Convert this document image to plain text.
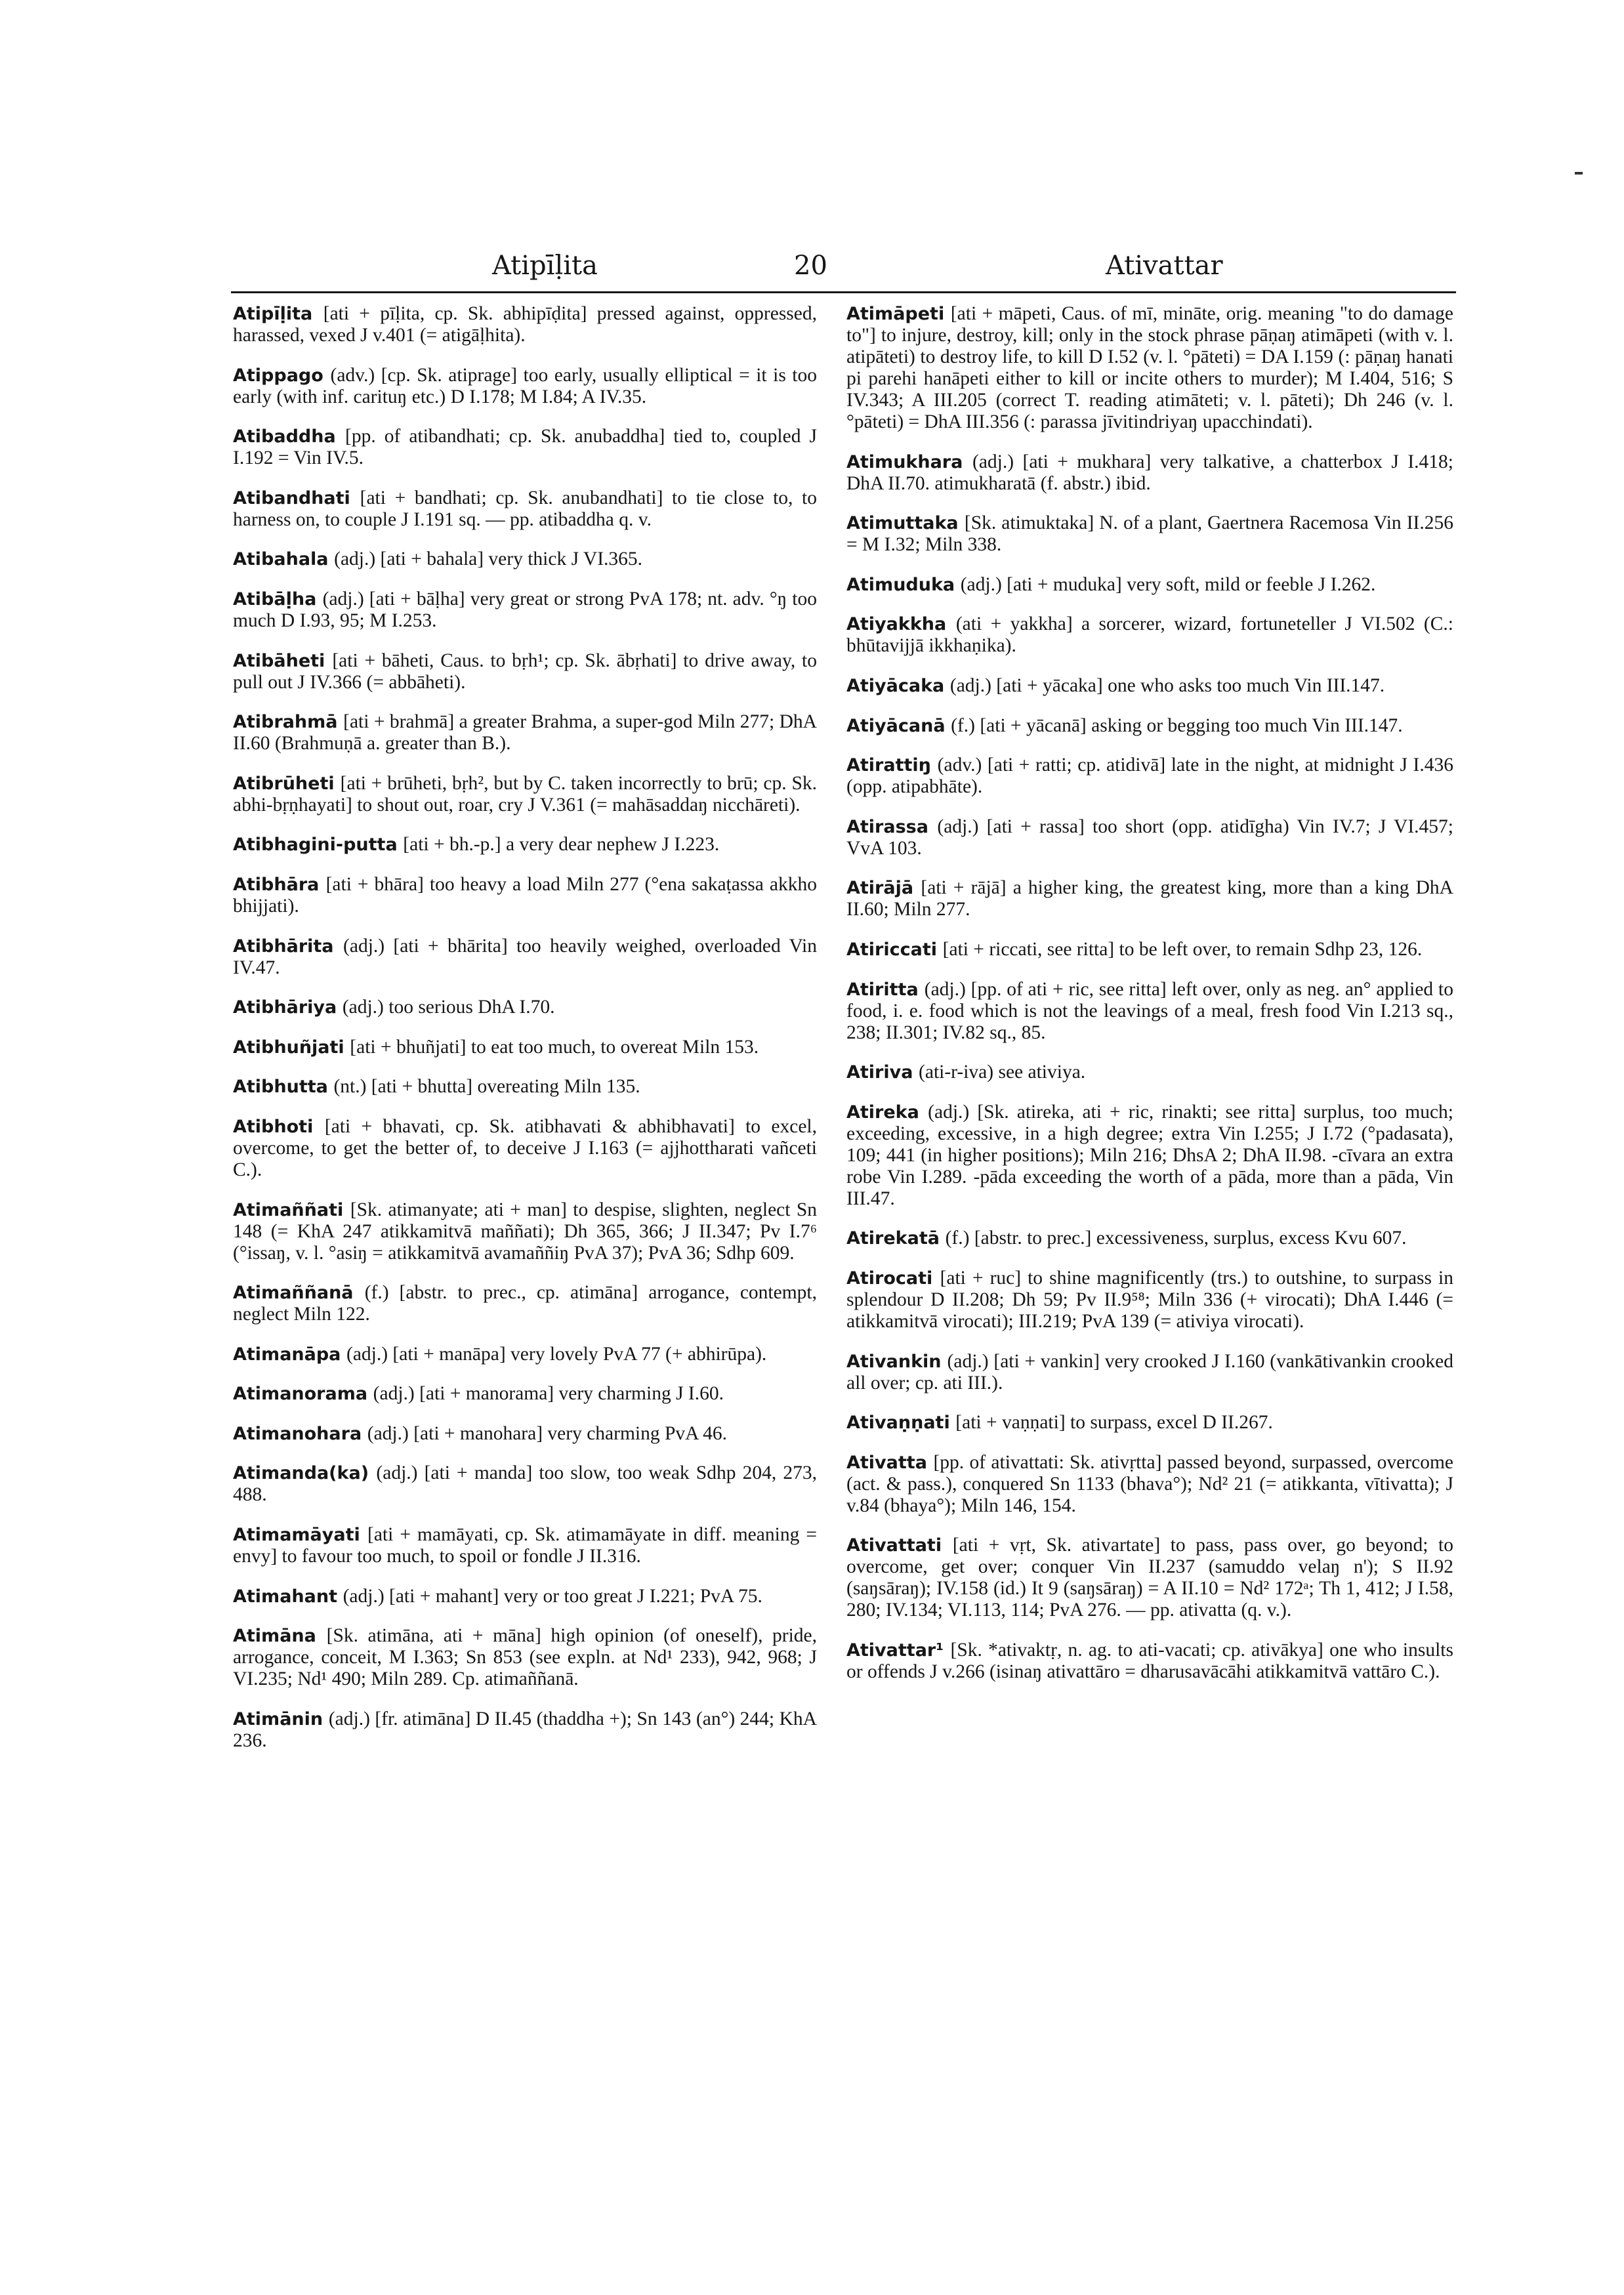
Atipīḷita	20	Ativattar
Atipīḷita [ati + pīḷita, cp. Sk. abhipīḍita] pressed against, oppressed, harassed, vexed J v.401 (= atigāḷhita).
Atippago (adv.) [cp. Sk. atiprage] too early, usually elliptical = it is too early (with inf. carituŋ etc.) D I.178; M I.84; A IV.35.
Atibaddha [pp. of atibandhati; cp. Sk. anubaddha] tied to, coupled J I.192 = Vin IV.5.
Atibandhati [ati + bandhati; cp. Sk. anubandhati] to tie close to, to harness on, to couple J I.191 sq. — pp. atibaddha q. v.
Atibahala (adj.) [ati + bahala] very thick J VI.365.
Atibāḷha (adj.) [ati + bāḷha] very great or strong PvA 178; nt. adv. °ŋ too much D I.93, 95; M I.253.
Atibāheti [ati + bāheti, Caus. to bṛh¹; cp. Sk. ābṛhati] to drive away, to pull out J IV.366 (= abbāheti).
Atibrahmā [ati + brahmā] a greater Brahma, a super-god Miln 277; DhA II.60 (Brahmuṇā a. greater than B.).
Atibrūheti [ati + brūheti, bṛh², but by C. taken incorrectly to brū; cp. Sk. abhi-bṛṇhayati] to shout out, roar, cry J V.361 (= mahāsaddaŋ nicchāreti).
Atibhagini-putta [ati + bh.-p.] a very dear nephew J I.223.
Atibhāra [ati + bhāra] too heavy a load Miln 277 (°ena sakaṭassa akkho bhijjati).
Atibhārita (adj.) [ati + bhārita] too heavily weighed, overloaded Vin IV.47.
Atibhāriya (adj.) too serious DhA I.70.
Atibhuñjati [ati + bhuñjati] to eat too much, to overeat Miln 153.
Atibhutta (nt.) [ati + bhutta] overeating Miln 135.
Atibhoti [ati + bhavati, cp. Sk. atibhavati & abhibhavati] to excel, overcome, to get the better of, to deceive J I.163 (= ajjhottharati vañceti C.).
Atimaññati [Sk. atimanyate; ati + man] to despise, slighten, neglect Sn 148 (= KhA 247 atikkamitvā maññati); Dh 365, 366; J II.347; Pv I.7⁶ (°issaŋ, v. l. °asiŋ = atikkamitvā avamaññiŋ PvA 37); PvA 36; Sdhp 609.
Atimaññanā (f.) [abstr. to prec., cp. atimāna] arrogance, contempt, neglect Miln 122.
Atimanāpa (adj.) [ati + manāpa] very lovely PvA 77 (+ abhirūpa).
Atimanorama (adj.) [ati + manorama] very charming J I.60.
Atimanohara (adj.) [ati + manohara] very charming PvA 46.
Atimanda(ka) (adj.) [ati + manda] too slow, too weak Sdhp 204, 273, 488.
Atimamāyati [ati + mamāyati, cp. Sk. atimamāyate in diff. meaning = envy] to favour too much, to spoil or fondle J II.316.
Atimahant (adj.) [ati + mahant] very or too great J I.221; PvA 75.
Atimāna [Sk. atimāna, ati + māna] high opinion (of oneself), pride, arrogance, conceit, M I.363; Sn 853 (see expln. at Nd¹ 233), 942, 968; J VI.235; Nd¹ 490; Miln 289. Cp. atimaññanā.
Atimānin (adj.) [fr. atimāna] D II.45 (thaddha +); Sn 143 (an°) 244; KhA 236.
Atimāpeti [ati + māpeti, Caus. of mī, mināte, orig. meaning "to do damage to"] to injure, destroy, kill; only in the stock phrase pāṇaŋ atimāpeti (with v. l. atipāteti) to destroy life, to kill D I.52 (v. l. °pāteti) = DA I.159 (: pāṇaŋ hanati pi parehi hanāpeti either to kill or incite others to murder); M I.404, 516; S IV.343; A III.205 (correct T. reading atimāteti; v. l. pāteti); Dh 246 (v. l. °pāteti) = DhA III.356 (: parassa jīvitindriyaŋ upacchindati).
Atimukhara (adj.) [ati + mukhara] very talkative, a chatterbox J I.418; DhA II.70. atimukharatā (f. abstr.) ibid.
Atimuttaka [Sk. atimuktaka] N. of a plant, Gaertnera Racemosa Vin II.256 = M I.32; Miln 338.
Atimuduka (adj.) [ati + muduka] very soft, mild or feeble J I.262.
Atiyakkha (ati + yakkha] a sorcerer, wizard, fortuneteller J VI.502 (C.: bhūtavijjā ikkhaṇika).
Atiyācaka (adj.) [ati + yācaka] one who asks too much Vin III.147.
Atiyācanā (f.) [ati + yācanā] asking or begging too much Vin III.147.
Atirattiŋ (adv.) [ati + ratti; cp. atidivā] late in the night, at midnight J I.436 (opp. atipabhāte).
Atirassa (adj.) [ati + rassa] too short (opp. atidīgha) Vin IV.7; J VI.457; VvA 103.
Atirājā [ati + rājā] a higher king, the greatest king, more than a king DhA II.60; Miln 277.
Atiriccati [ati + riccati, see ritta] to be left over, to remain Sdhp 23, 126.
Atiritta (adj.) [pp. of ati + ric, see ritta] left over, only as neg. an° applied to food, i. e. food which is not the leavings of a meal, fresh food Vin I.213 sq., 238; II.301; IV.82 sq., 85.
Atiriva (ati-r-iva) see ativiya.
Atireka (adj.) [Sk. atireka, ati + ric, rinakti; see ritta] surplus, too much; exceeding, excessive, in a high degree; extra Vin I.255; J I.72 (°padasata), 109; 441 (in higher positions); Miln 216; DhsA 2; DhA II.98. -cīvara an extra robe Vin I.289. -pāda exceeding the worth of a pāda, more than a pāda, Vin III.47.
Atirekatā (f.) [abstr. to prec.] excessiveness, surplus, excess Kvu 607.
Atirocati [ati + ruc] to shine magnificently (trs.) to outshine, to surpass in splendour D II.208; Dh 59; Pv II.9⁵⁸; Miln 336 (+ virocati); DhA I.446 (= atikkamitvā virocati); III.219; PvA 139 (= ativiya virocati).
Ativankin (adj.) [ati + vankin] very crooked J I.160 (vankātivankin crooked all over; cp. ati III.).
Ativaṇṇati [ati + vaṇṇati] to surpass, excel D II.267.
Ativatta [pp. of ativattati: Sk. ativṛtta] passed beyond, surpassed, overcome (act. & pass.), conquered Sn 1133 (bhava°); Nd² 21 (= atikkanta, vītivatta); J v.84 (bhaya°); Miln 146, 154.
Ativattati [ati + vṛt, Sk. ativartate] to pass, pass over, go beyond; to overcome, get over; conquer Vin II.237 (samuddo velaŋ n'); S II.92 (saŋsāraŋ); IV.158 (id.) It 9 (saŋsāraŋ) = A II.10 = Nd² 172ᵃ; Th 1, 412; J I.58, 280; IV.134; VI.113, 114; PvA 276. — pp. ativatta (q. v.).
Ativattar¹ [Sk. *ativaktṛ, n. ag. to ati-vacati; cp. ativākya] one who insults or offends J v.266 (isinaŋ ativattāro = dharusavācāhi atikkamitvā vattāro C.).
